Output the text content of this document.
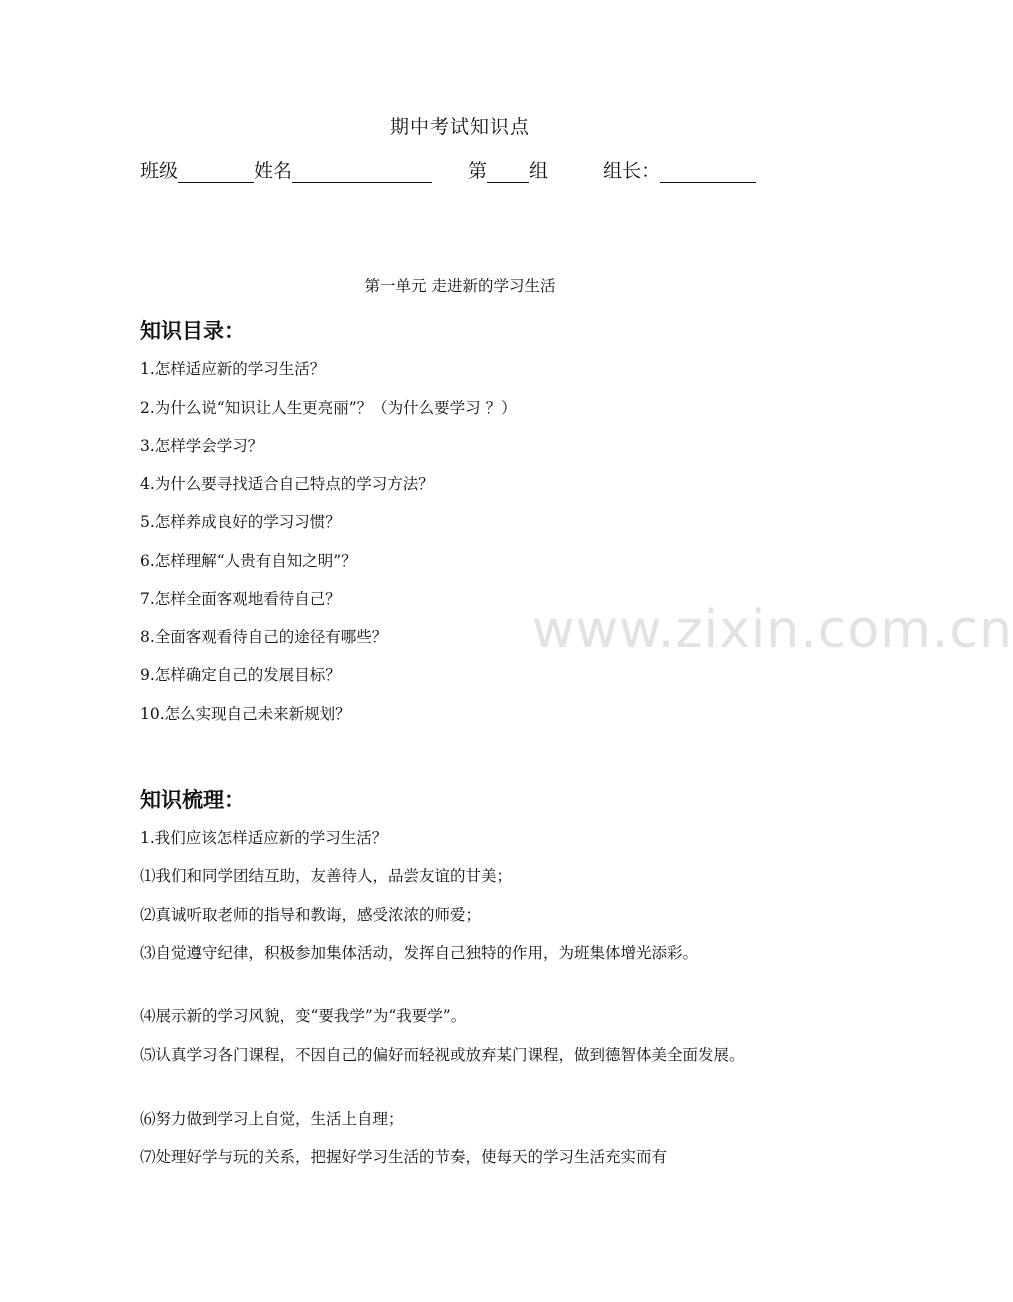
期中考试知识点
班级	姓名	第 组	组长：
第一单元 走进新的学习生活
知识目录：
1.怎样适应新的学习生活？
2.为什么说“知识让人生更亮丽”？（为什么要学习 ？）
3.怎样学会学习？
4.为什么要寻找适合自己特点的学习方法？
5.怎样养成良好的学习习惯？
6.怎样理解“人贵有自知之明”？
7.怎样全面客观地看待自己？
8.全面客观看待自己的途径有哪些？
9.怎样确定自己的发展目标？
10.怎么实现自己未来新规划？
www.zixin.com.cn
知识梳理：
1.我们应该怎样适应新的学习生活？
⑴我们和同学团结互助，友善待人，品尝友谊的甘美；
⑵真诚听取老师的指导和教诲，感受浓浓的师爱；
⑶自觉遵守纪律，积极参加集体活动，发挥自己独特的作用，为班集体增光添彩。
⑷展示新的学习风貌，变“要我学”为“我要学”。
⑸认真学习各门课程，不因自己的偏好而轻视或放弃某门课程，做到德智体美全面发展。
⑹努力做到学习上自觉，生活上自理；
⑺处理好学与玩的关系，把握好学习生活的节奏，使每天的学习生活充实而有
